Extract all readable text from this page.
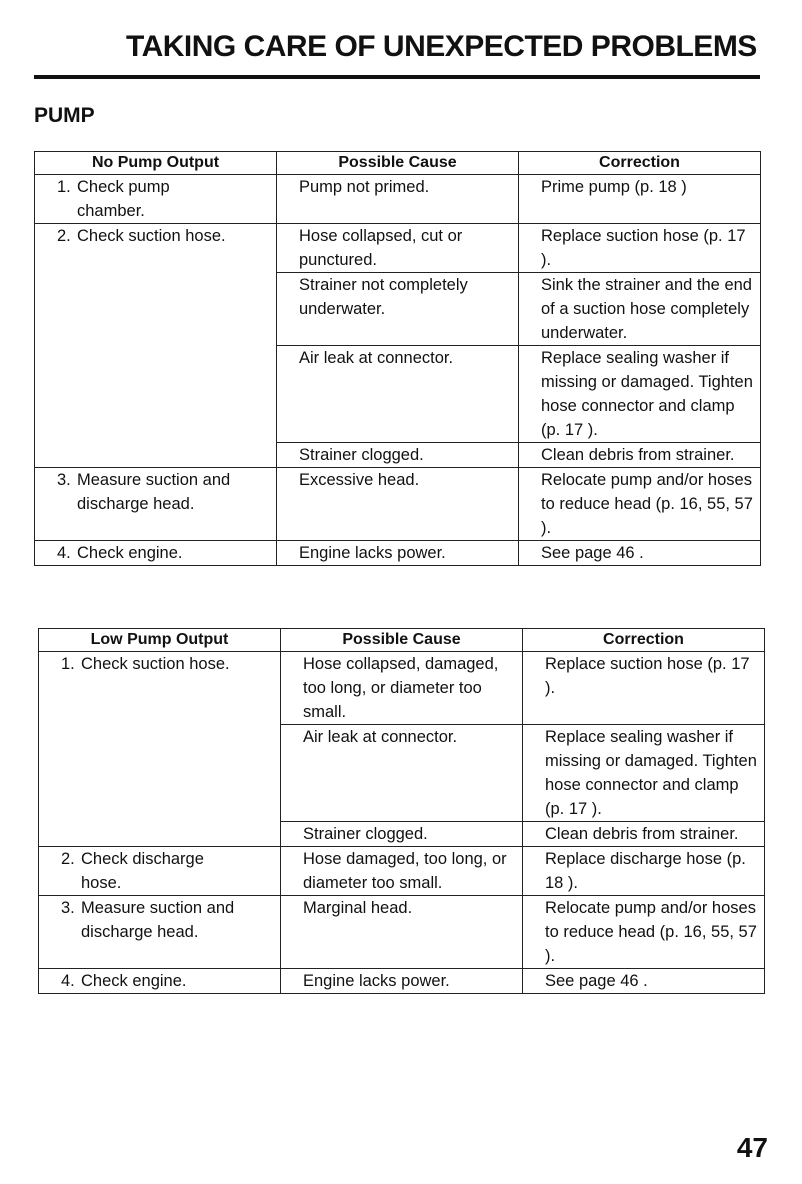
TAKING CARE OF UNEXPECTED PROBLEMS
PUMP
No Pump Output	Possible Cause	Correction
1. Check pump
chamber.	Pump not primed.	Prime pump (p. 18 )
2. Check suction hose.	Hose collapsed, cut or punctured.	Replace suction hose (p. 17 ).
	Strainer not completely underwater.	Sink the strainer and the end of a suction hose completely underwater.
	Air leak at connector.	Replace sealing washer if missing or damaged. Tighten hose connector and clamp (p. 17 ).
	Strainer clogged.	Clean debris from strainer.
3. Measure suction and
discharge head.	Excessive head.	Relocate pump and/or hoses to reduce head (p. 16, 55, 57 ).
4. Check engine.	Engine lacks power.	See page 46 .
Low Pump Output	Possible Cause	Correction
1. Check suction hose.	Hose collapsed, damaged, too long, or diameter too small.	Replace suction hose (p. 17 ).
	Air leak at connector.	Replace sealing washer if missing or damaged. Tighten hose connector and clamp (p. 17 ).
	Strainer clogged.	Clean debris from strainer.
2. Check discharge
hose.	Hose damaged, too long, or diameter too small.	Replace discharge hose (p. 18 ).
3. Measure suction and
discharge head.	Marginal head.	Relocate pump and/or hoses to reduce head (p. 16, 55, 57 ).
4. Check engine.	Engine lacks power.	See page 46 .
47
